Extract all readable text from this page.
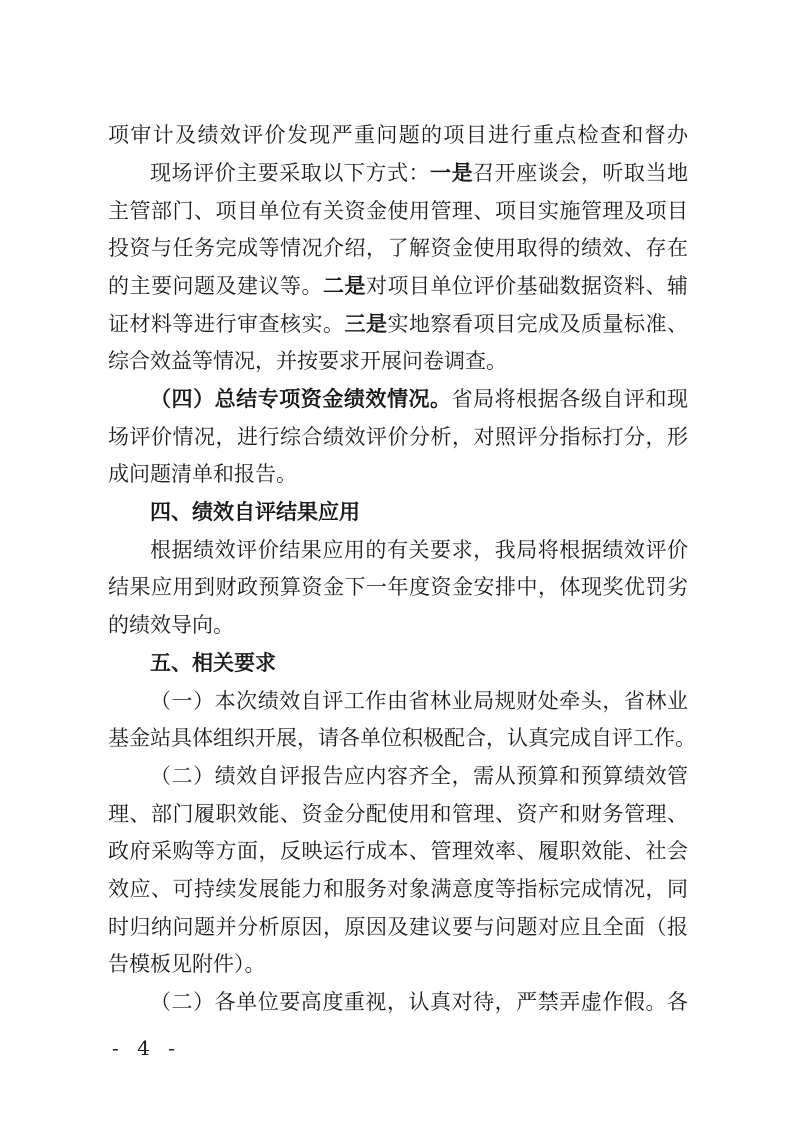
项审计及绩效评价发现严重问题的项目进行重点检查和督办
现场评价主要采取以下方式：一是召开座谈会，听取当地
主管部门、项目单位有关资金使用管理、项目实施管理及项目
投资与任务完成等情况介绍，了解资金使用取得的绩效、存在
的主要问题及建议等。二是对项目单位评价基础数据资料、辅
证材料等进行审查核实。三是实地察看项目完成及质量标准、
综合效益等情况，并按要求开展问卷调查。
（四）总结专项资金绩效情况。省局将根据各级自评和现
场评价情况，进行综合绩效评价分析，对照评分指标打分，形
成问题清单和报告。
四、绩效自评结果应用
根据绩效评价结果应用的有关要求，我局将根据绩效评价
结果应用到财政预算资金下一年度资金安排中，体现奖优罚劣
的绩效导向。
五、相关要求
（一）本次绩效自评工作由省林业局规财处牵头，省林业
基金站具体组织开展，请各单位积极配合，认真完成自评工作。
（二）绩效自评报告应内容齐全，需从预算和预算绩效管
理、部门履职效能、资金分配使用和管理、资产和财务管理、
政府采购等方面，反映运行成本、管理效率、履职效能、社会
效应、可持续发展能力和服务对象满意度等指标完成情况，同
时归纳问题并分析原因，原因及建议要与问题对应且全面（报
告模板见附件）。
（二）各单位要高度重视，认真对待，严禁弄虚作假。各
- 4 -
